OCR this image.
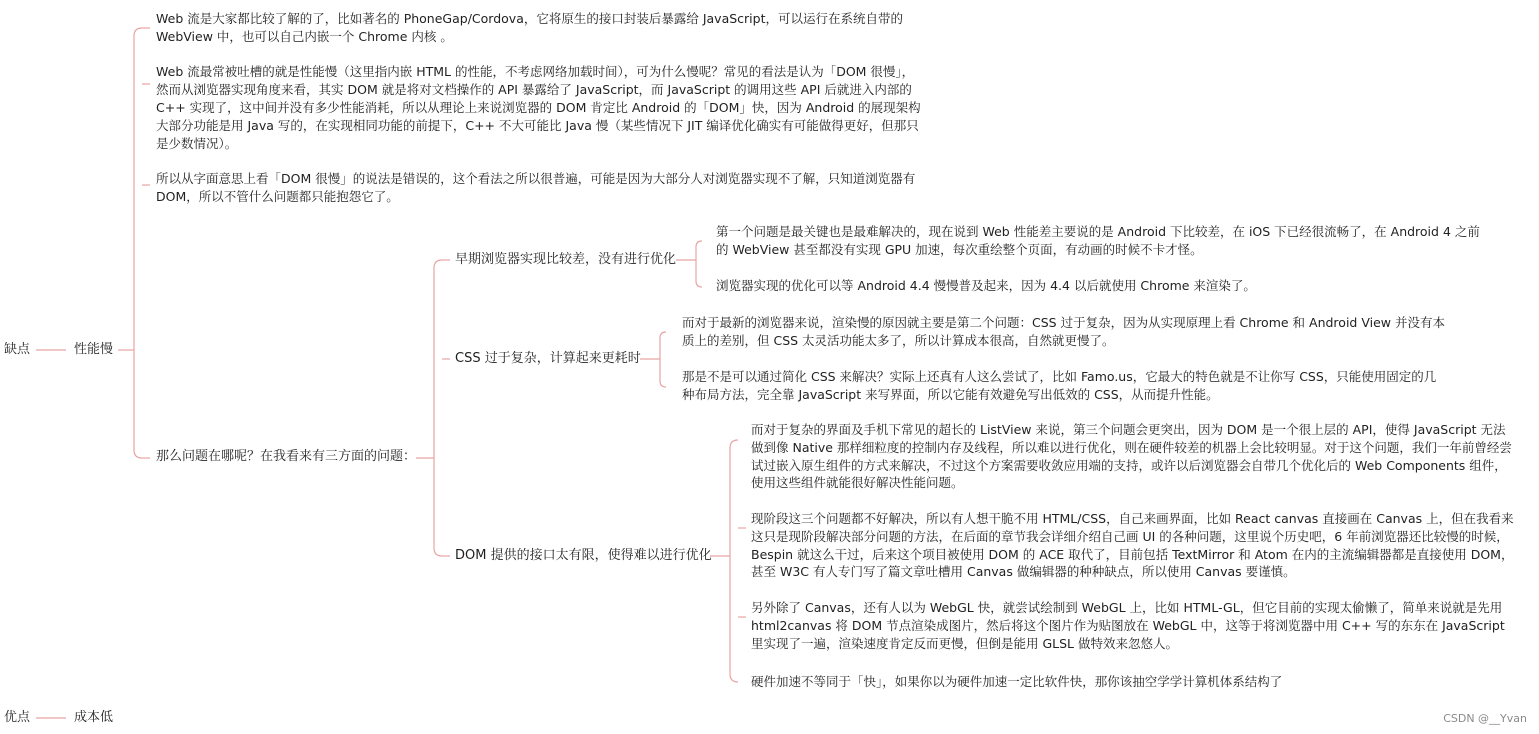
缺点
优点
性能慢
成本低

Web 流是大家都比较了解的了，比如著名的 PhoneGap/Cordova，它将原生的接口封装后暴露给 JavaScript，可以运行在系统自带的 WebView 中，也可以自己内嵌一个 Chrome 内核 。

Web 流最常被吐槽的就是性能慢（这里指内嵌 HTML 的性能，不考虑网络加载时间），可为什么慢呢？常见的看法是认为「DOM 很慢」，然而从浏览器实现角度来看，其实 DOM 就是将对文档操作的 API 暴露给了 JavaScript，而 JavaScript 的调用这些 API 后就进入内部的 C++ 实现了，这中间并没有多少性能消耗，所以从理论上来说浏览器的 DOM 肯定比 Android 的「DOM」快，因为 Android 的展现架构大部分功能是用 Java 写的，在实现相同功能的前提下，C++ 不大可能比 Java 慢（某些情况下 JIT 编译优化确实有可能做得更好，但那只是少数情况）。

所以从字面意思上看「DOM 很慢」的说法是错误的，这个看法之所以很普遍，可能是因为大部分人对浏览器实现不了解，只知道浏览器有 DOM，所以不管什么问题都只能抱怨它了。

那么问题在哪呢？在我看来有三方面的问题：
早期浏览器实现比较差，没有进行优化
CSS 过于复杂，计算起来更耗时
DOM 提供的接口太有限，使得难以进行优化
第一个问题是最关键也是最难解决的，现在说到 Web 性能差主要说的是 Android 下比较差，在 iOS 下已经很流畅了，在 Android 4 之前的 WebView 甚至都没有实现 GPU 加速，每次重绘整个页面，有动画的时候不卡才怪。
浏览器实现的优化可以等 Android 4.4 慢慢普及起来，因为 4.4 以后就使用 Chrome 来渲染了。
而对于最新的浏览器来说，渲染慢的原因就主要是第二个问题：CSS 过于复杂，因为从实现原理上看 Chrome 和 Android View 并没有本质上的差别，但 CSS 太灵活功能太多了，所以计算成本很高，自然就更慢了。
那是不是可以通过简化 CSS 来解决？实际上还真有人这么尝试了，比如 Famo.us，它最大的特色就是不让你写 CSS，只能使用固定的几种布局方法，完全靠 JavaScript 来写界面，所以它能有效避免写出低效的 CSS，从而提升性能。
而对于复杂的界面及手机下常见的超长的 ListView 来说，第三个问题会更突出，因为 DOM 是一个很上层的 API，使得 JavaScript 无法做到像 Native 那样细粒度的控制内存及线程，所以难以进行优化，则在硬件较差的机器上会比较明显。对于这个问题，我们一年前曾经尝试过嵌入原生组件的方式来解决，不过这个方案需要收敛应用端的支持，或许以后浏览器会自带几个优化后的 Web Components 组件，使用这些组件就能很好解决性能问题。
现阶段这三个问题都不好解决，所以有人想干脆不用 HTML/CSS，自己来画界面，比如 React canvas 直接画在 Canvas 上，但在我看来这只是现阶段解决部分问题的方法，在后面的章节我会详细介绍自己画 UI 的各种问题，这里说个历史吧，6 年前浏览器还比较慢的时候，Bespin 就这么干过，后来这个项目被使用 DOM 的 ACE 取代了，目前包括 TextMirror 和 Atom 在内的主流编辑器都是直接使用 DOM，甚至 W3C 有人专门写了篇文章吐槽用 Canvas 做编辑器的种种缺点，所以使用 Canvas 要谨慎。
另外除了 Canvas，还有人以为 WebGL 快，就尝试绘制到 WebGL 上，比如 HTML-GL，但它目前的实现太偷懒了，简单来说就是先用 html2canvas 将 DOM 节点渲染成图片，然后将这个图片作为贴图放在 WebGL 中，这等于将浏览器中用 C++ 写的东东在 JavaScript 里实现了一遍，渲染速度肯定反而更慢，但倒是能用 GLSL 做特效来忽悠人。
硬件加速不等同于「快」，如果你以为硬件加速一定比软件快，那你该抽空学学计算机体系结构了
CSDN @__Yvan
